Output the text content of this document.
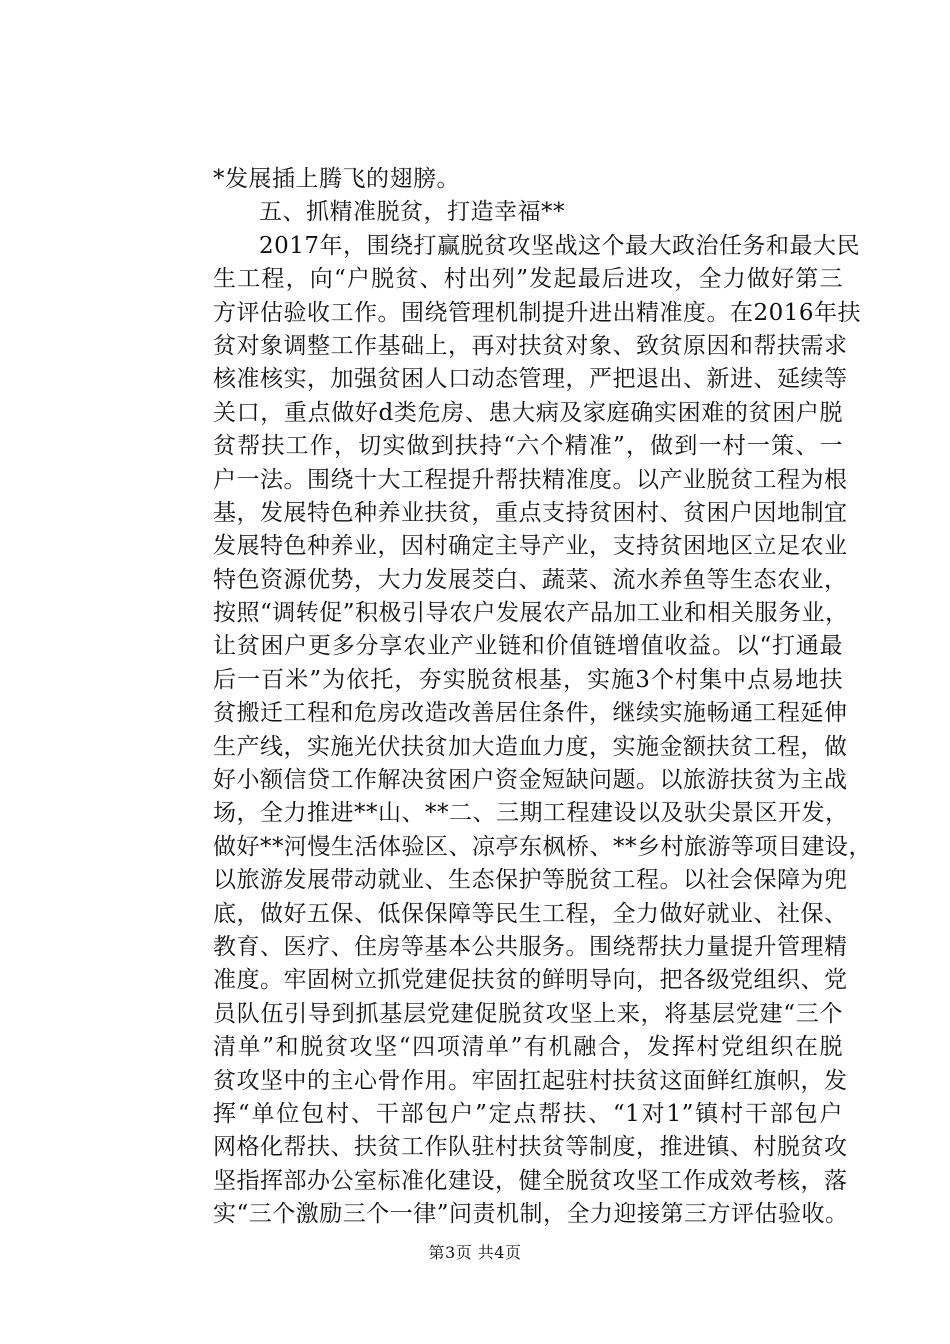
*发展插上腾飞的翅膀。
五、抓精准脱贫，打造幸福**
2017年，围绕打赢脱贫攻坚战这个最大政治任务和最大民
生工程，向“户脱贫、村出列”发起最后进攻，全力做好第三
方评估验收工作。围绕管理机制提升进出精准度。在2016年扶
贫对象调整工作基础上，再对扶贫对象、致贫原因和帮扶需求
核准核实，加强贫困人口动态管理，严把退出、新进、延续等
关口，重点做好d类危房、患大病及家庭确实困难的贫困户脱
贫帮扶工作，切实做到扶持“六个精准”，做到一村一策、一
户一法。围绕十大工程提升帮扶精准度。以产业脱贫工程为根
基，发展特色种养业扶贫，重点支持贫困村、贫困户因地制宜
发展特色种养业，因村确定主导产业，支持贫困地区立足农业
特色资源优势，大力发展茭白、蔬菜、流水养鱼等生态农业，
按照“调转促”积极引导农户发展农产品加工业和相关服务业，
让贫困户更多分享农业产业链和价值链增值收益。以“打通最
后一百米”为依托，夯实脱贫根基，实施3个村集中点易地扶
贫搬迁工程和危房改造改善居住条件，继续实施畅通工程延伸
生产线，实施光伏扶贫加大造血力度，实施金额扶贫工程，做
好小额信贷工作解决贫困户资金短缺问题。以旅游扶贫为主战
场，全力推进**山、**二、三期工程建设以及驮尖景区开发，
做好**河慢生活体验区、凉亭东枫桥、**乡村旅游等项目建设，
以旅游发展带动就业、生态保护等脱贫工程。以社会保障为兜
底，做好五保、低保保障等民生工程，全力做好就业、社保、
教育、医疗、住房等基本公共服务。围绕帮扶力量提升管理精
准度。牢固树立抓党建促扶贫的鲜明导向，把各级党组织、党
员队伍引导到抓基层党建促脱贫攻坚上来，将基层党建“三个
清单”和脱贫攻坚“四项清单”有机融合，发挥村党组织在脱
贫攻坚中的主心骨作用。牢固扛起驻村扶贫这面鲜红旗帜，发
挥“单位包村、干部包户”定点帮扶、“1对1”镇村干部包户
网格化帮扶、扶贫工作队驻村扶贫等制度，推进镇、村脱贫攻
坚指挥部办公室标准化建设，健全脱贫攻坚工作成效考核，落
实“三个激励三个一律”问责机制，全力迎接第三方评估验收。
第3页 共4页
